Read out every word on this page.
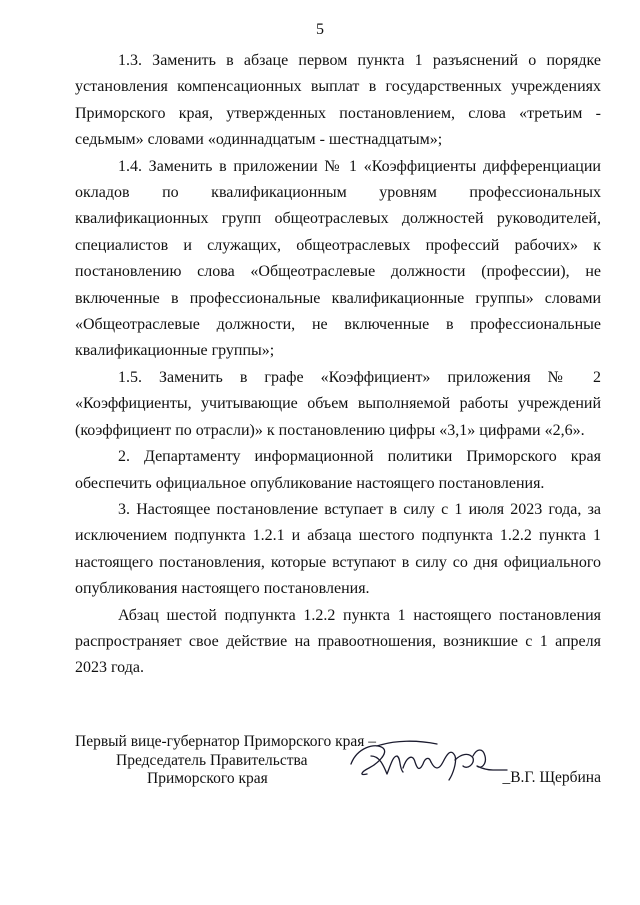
5

1.3. Заменить в абзаце первом пункта 1 разъяснений о порядке установления компенсационных выплат в государственных учреждениях Приморского края, утвержденных постановлением, слова «третьим - седьмым» словами «одиннадцатым - шестнадцатым»;

1.4. Заменить в приложении № 1 «Коэффициенты дифференциации окладов по квалификационным уровням профессиональных квалификационных групп общеотраслевых должностей руководителей, специалистов и служащих, общеотраслевых профессий рабочих» к постановлению слова «Общеотраслевые должности (профессии), не включенные в профессиональные квалификационные группы» словами «Общеотраслевые должности, не включенные в профессиональные квалификационные группы»;

1.5. Заменить в графе «Коэффициент» приложения № 2 «Коэффициенты, учитывающие объем выполняемой работы учреждений (коэффициент по отрасли)» к постановлению цифры «3,1» цифрами «2,6».

2. Департаменту информационной политики Приморского края обеспечить официальное опубликование настоящего постановления.

3. Настоящее постановление вступает в силу с 1 июля 2023 года, за исключением подпункта 1.2.1 и абзаца шестого подпункта 1.2.2 пункта 1 настоящего постановления, которые вступают в силу со дня официального опубликования настоящего постановления.

Абзац шестой подпункта 1.2.2 пункта 1 настоящего постановления распространяет свое действие на правоотношения, возникшие с 1 апреля 2023 года.

Первый вице-губернатор Приморского края –
Председатель Правительства
Приморского края	_В.Г. Щербина
